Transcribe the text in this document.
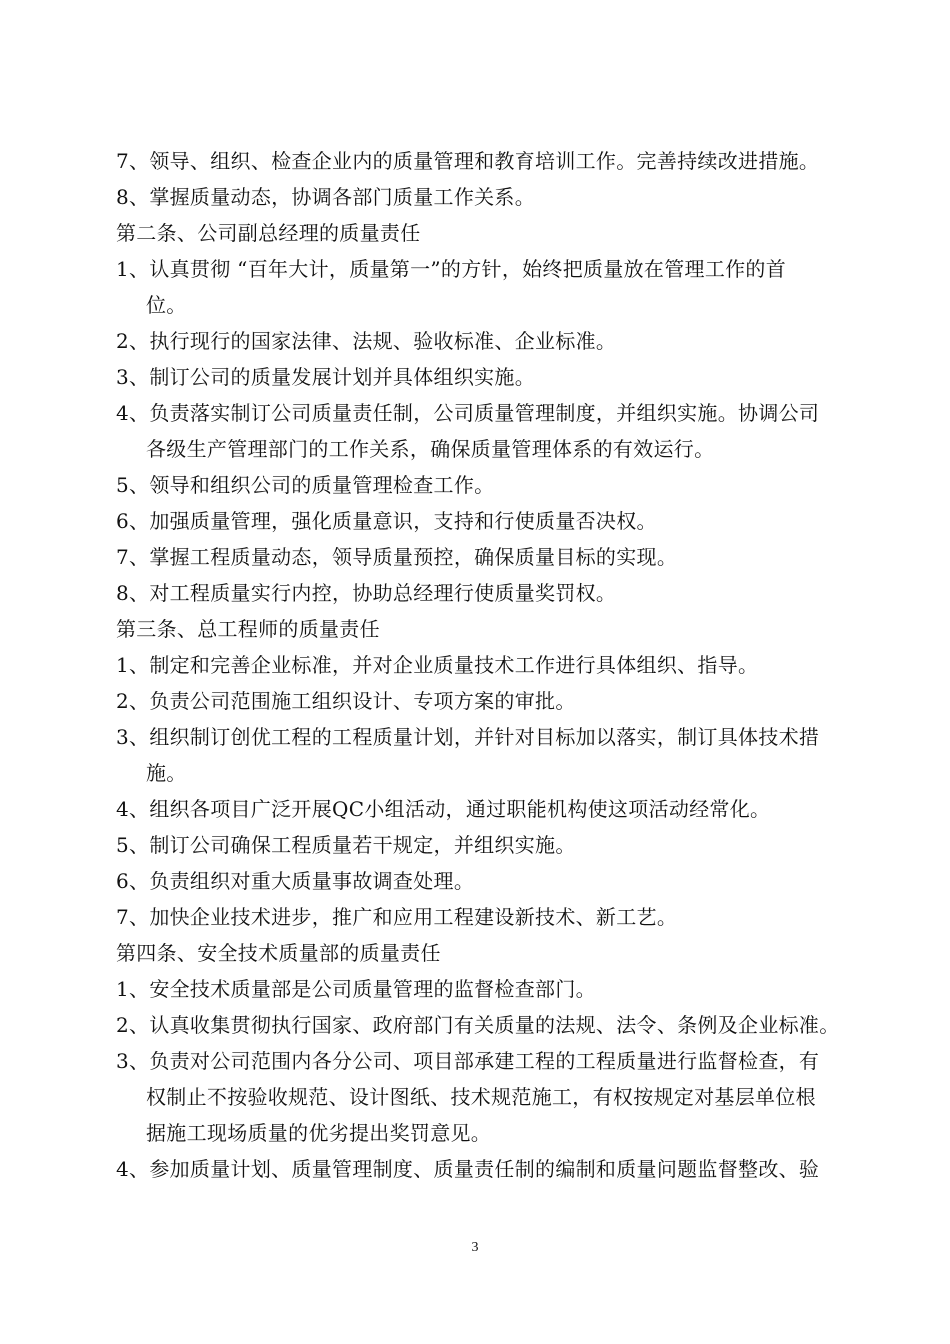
7、领导、组织、检查企业内的质量管理和教育培训工作。完善持续改进措施。
8、掌握质量动态，协调各部门质量工作关系。
第二条、公司副总经理的质量责任
1、认真贯彻 “百年大计，质量第一”的方针，始终把质量放在管理工作的首
位。
2、执行现行的国家法律、法规、验收标准、企业标准。
3、制订公司的质量发展计划并具体组织实施。
4、负责落实制订公司质量责任制，公司质量管理制度，并组织实施。协调公司
各级生产管理部门的工作关系，确保质量管理体系的有效运行。
5、领导和组织公司的质量管理检查工作。
6、加强质量管理，强化质量意识，支持和行使质量否决权。
7、掌握工程质量动态，领导质量预控，确保质量目标的实现。
8、对工程质量实行内控，协助总经理行使质量奖罚权。
第三条、总工程师的质量责任
1、制定和完善企业标准，并对企业质量技术工作进行具体组织、指导。
2、负责公司范围施工组织设计、专项方案的审批。
3、组织制订创优工程的工程质量计划，并针对目标加以落实，制订具体技术措
施。
4、组织各项目广泛开展QC小组活动，通过职能机构使这项活动经常化。
5、制订公司确保工程质量若干规定，并组织实施。
6、负责组织对重大质量事故调查处理。
7、加快企业技术进步，推广和应用工程建设新技术、新工艺。
第四条、安全技术质量部的质量责任
1、安全技术质量部是公司质量管理的监督检查部门。
2、认真收集贯彻执行国家、政府部门有关质量的法规、法令、条例及企业标准。
3、负责对公司范围内各分公司、项目部承建工程的工程质量进行监督检查，有
权制止不按验收规范、设计图纸、技术规范施工，有权按规定对基层单位根
据施工现场质量的优劣提出奖罚意见。
4、参加质量计划、质量管理制度、质量责任制的编制和质量问题监督整改、验
3
